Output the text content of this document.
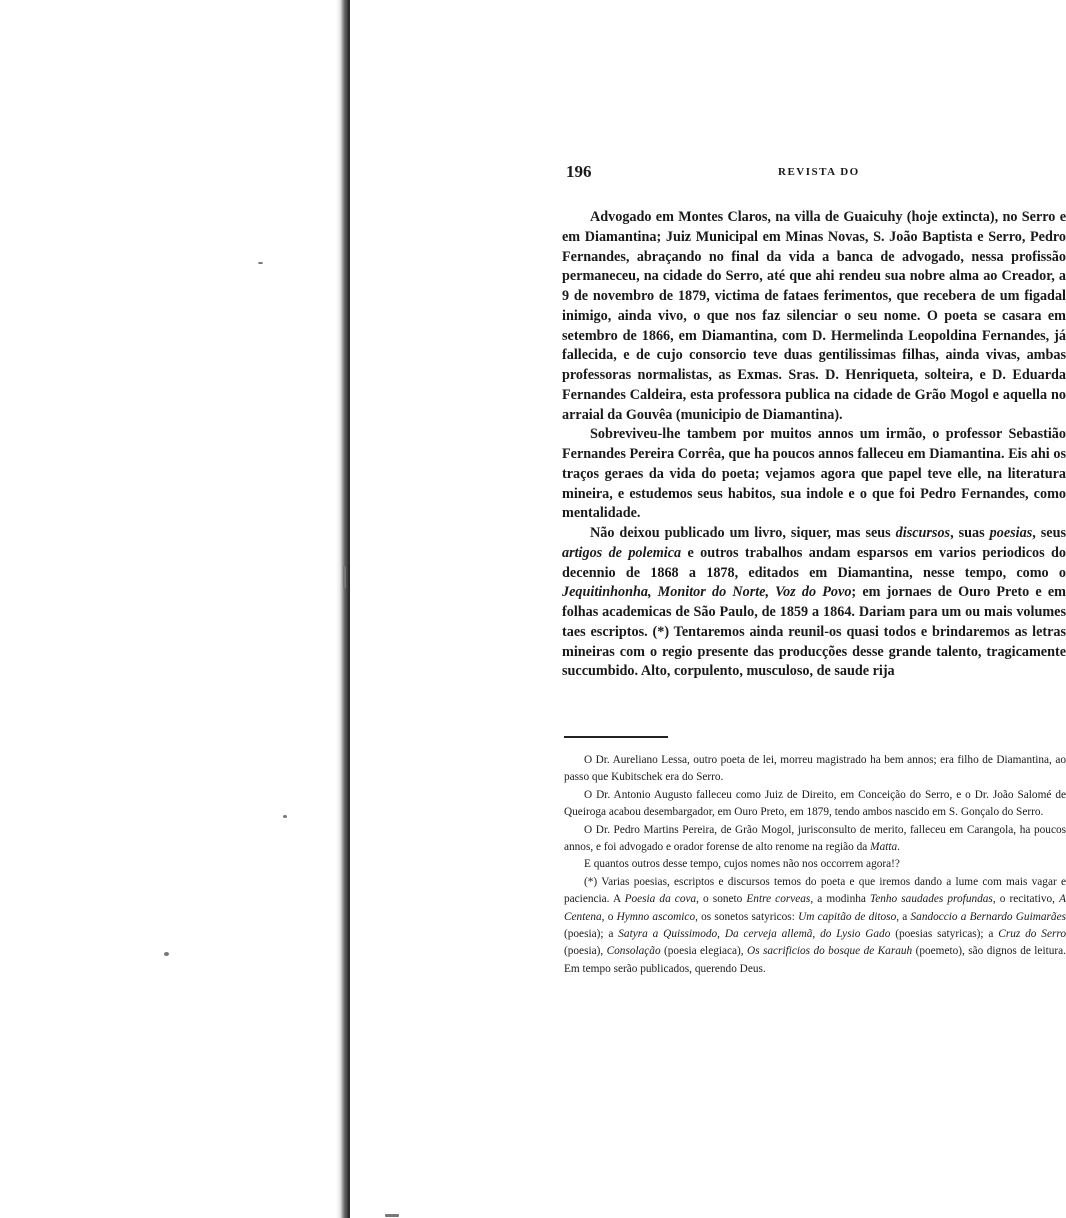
196	REVISTA DO

Advogado em Montes Claros, na villa de Guaicuhy (hoje extincta), no Serro e em Diamantina; Juiz Municipal em Minas Novas, S. João Baptista e Serro, Pedro Fernandes, abraçando no final da vida a banca de advogado, nessa profissão permaneceu, na cidade do Serro, até que ahi rendeu sua nobre alma ao Creador, a 9 de novembro de 1879, victima de fataes ferimentos, que recebera de um figadal inimigo, ainda vivo, o que nos faz silenciar o seu nome. O poeta se casara em setembro de 1866, em Diamantina, com D. Hermelinda Leopoldina Fernandes, já fallecida, e de cujo consorcio teve duas gentilissimas filhas, ainda vivas, ambas professoras normalistas, as Exmas. Sras. D. Henriqueta, solteira, e D. Eduarda Fernandes Caldeira, esta professora publica na cidade de Grão Mogol e aquella no arraial da Gouvêa (municipio de Diamantina).

Sobreviveu-lhe tambem por muitos annos um irmão, o professor Sebastião Fernandes Pereira Corrêa, que ha poucos annos falleceu em Diamantina. Eis ahi os traços geraes da vida do poeta; vejamos agora que papel teve elle, na literatura mineira, e estudemos seus habitos, sua indole e o que foi Pedro Fernandes, como mentalidade.

Não deixou publicado um livro, siquer, mas seus discursos, suas poesias, seus artigos de polemica e outros trabalhos andam esparsos em varios periodicos do decennio de 1868 a 1878, editados em Diamantina, nesse tempo, como o Jequitinhonha, Monitor do Norte, Voz do Povo; em jornaes de Ouro Preto e em folhas academicas de São Paulo, de 1859 a 1864. Dariam para um ou mais volumes taes escriptos. (*) Tentaremos ainda reunil-os quasi todos e brindaremos as letras mineiras com o regio presente das producções desse grande talento, tragicamente succumbido. Alto, corpulento, musculoso, de saude rija

O Dr. Aureliano Lessa, outro poeta de lei, morreu magistrado ha bem annos; era filho de Diamantina, ao passo que Kubitschek era do Serro.

O Dr. Antonio Augusto falleceu como Juiz de Direito, em Conceição do Serro, e o Dr. João Salomé de Queiroga acabou desembargador, em Ouro Preto, em 1879, tendo ambos nascido em S. Gonçalo do Serro.

O Dr. Pedro Martins Pereira, de Grão Mogol, jurisconsulto de merito, falleceu em Carangola, ha poucos annos, e foi advogado e orador forense de alto renome na região da Matta.

E quantos outros desse tempo, cujos nomes não nos occorrem agora!?

(*) Varias poesias, escriptos e discursos temos do poeta e que iremos dando a lume com mais vagar e paciencia. A Poesia da cova, o soneto Entre corveas, a modinha Tenho saudades profundas, o recitativo, A Centena, o Hymno ascomico, os sonetos satyricos: Um capitão de ditoso, a Sandoccio a Bernardo Guimarães (poesia); a Satyra a Quissimodo, Da cerveja allemã, do Lysio Gado (poesias satyricas); a Cruz do Serro (poesia), Consolação (poesia elegiaca), Os sacrificios do bosque de Karauh (poemeto), são dignos de leitura. Em tempo serão publicados, querendo Deus.
